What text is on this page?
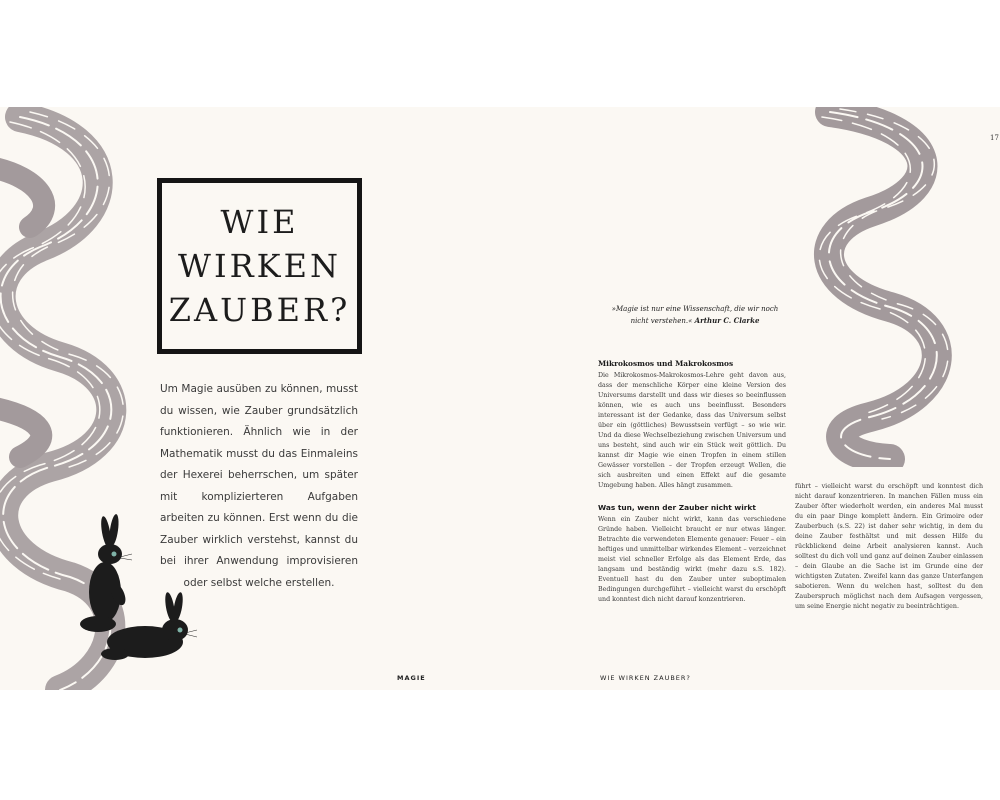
WIE
WIRKEN
ZAUBER?
Um Magie ausüben zu können, musst du wissen, wie Zauber grundsätzlich funktionieren. Ähnlich wie in der Mathematik musst du das Einmaleins der Hexerei beherrschen, um später mit komplizierteren Aufgaben arbeiten zu können. Erst wenn du die Zauber wirklich verstehst, kannst du bei ihrer Anwendung improvisieren oder selbst welche erstellen.
MAGIE
17
WIE WIRKEN ZAUBER?
»Magie ist nur eine Wissenschaft, die wir noch nicht verstehen.« Arthur C. Clarke
Mikrokosmos und Makrokosmos

Die Mikrokosmos-Makrokosmos-Lehre geht davon aus, dass der menschliche Körper eine kleine Version des Universums darstellt und dass wir dieses so beeinflussen können, wie es auch uns beeinflusst. Besonders interessant ist der Gedanke, dass das Universum selbst über ein (göttliches) Bewusstsein verfügt – so wie wir. Und da diese Wechselbeziehung zwischen Universum und uns besteht, sind auch wir ein Stück weit göttlich. Du kannst dir Magie wie einen Tropfen in einem stillen Gewässer vorstellen – der Tropfen erzeugt Wellen, die sich ausbreiten und einen Effekt auf die gesamte Umgebung haben. Alles hängt zusammen.

Was tun, wenn der Zauber nicht wirkt

Wenn ein Zauber nicht wirkt, kann das verschiedene Gründe haben. Vielleicht braucht er nur etwas länger. Betrachte die verwendeten Elemente genauer: Feuer – ein heftiges und unmittelbar wirkendes Element – verzeichnet meist viel schneller Erfolge als das Element Erde, das langsam und beständig wirkt (mehr dazu s.S. 182). Eventuell hast du den Zauber unter suboptimalen Bedingungen durchgeführt – vielleicht warst du erschöpft und konntest dich nicht darauf konzentrieren.

führt – vielleicht warst du erschöpft und konntest dich nicht darauf konzentrieren. In manchen Fällen muss ein Zauber öfter wiederholt werden, ein anderes Mal musst du ein paar Dinge komplett ändern. Ein Grimoire oder Zauberbuch (s.S. 22) ist daher sehr wichtig, in dem du deine Zauber festhältst und mit dessen Hilfe du rückblickend deine Arbeit analysieren kannst. Auch solltest du dich voll und ganz auf deinen Zauber einlassen – dein Glaube an die Sache ist im Grunde eine der wichtigsten Zutaten. Zweifel kann das ganze Unterfangen sabotieren. Wenn du welchen hast, solltest du den Zauberspruch möglichst nach dem Aufsagen vergessen, um seine Energie nicht negativ zu beeinträchtigen.
